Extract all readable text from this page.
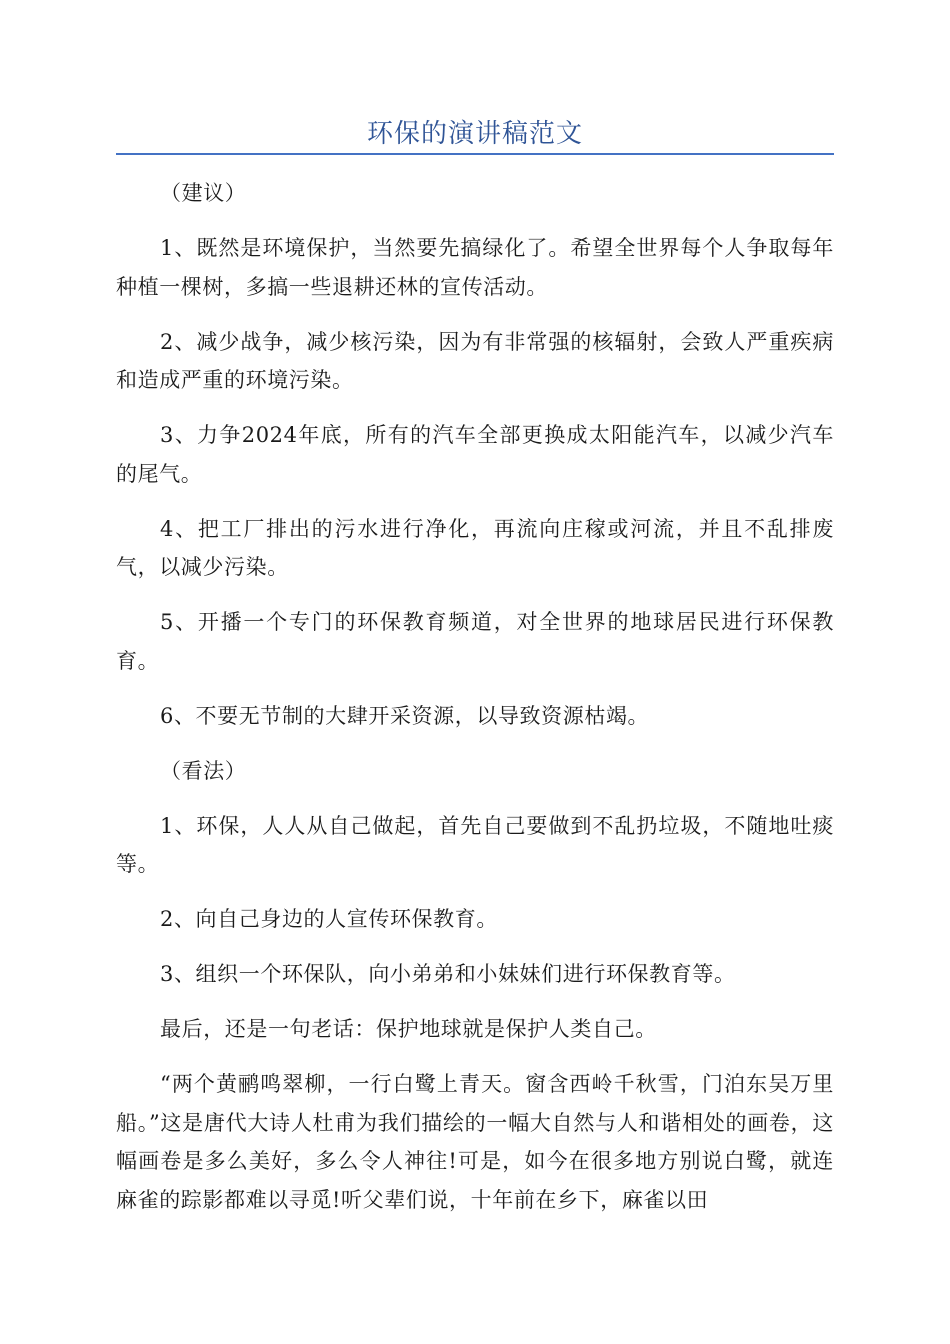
环保的演讲稿范文

（建议）

1、既然是环境保护，当然要先搞绿化了。希望全世界每个人争取每年种植一棵树，多搞一些退耕还林的宣传活动。

2、减少战争，减少核污染，因为有非常强的核辐射，会致人严重疾病和造成严重的环境污染。

3、力争2024年底，所有的汽车全部更换成太阳能汽车，以减少汽车的尾气。

4、把工厂排出的污水进行净化，再流向庄稼或河流，并且不乱排废气，以减少污染。

5、开播一个专门的环保教育频道，对全世界的地球居民进行环保教育。

6、不要无节制的大肆开采资源，以导致资源枯竭。

（看法）

1、环保，人人从自己做起，首先自己要做到不乱扔垃圾，不随地吐痰等。

2、向自己身边的人宣传环保教育。

3、组织一个环保队，向小弟弟和小妹妹们进行环保教育等。

最后，还是一句老话：保护地球就是保护人类自己。

“两个黄鹂鸣翠柳，一行白鹭上青天。窗含西岭千秋雪，门泊东吴万里船。”这是唐代大诗人杜甫为我们描绘的一幅大自然与人和谐相处的画卷，这幅画卷是多么美好，多么令人神往!可是，如今在很多地方别说白鹭，就连麻雀的踪影都难以寻觅!听父辈们说，十年前在乡下，麻雀以田
